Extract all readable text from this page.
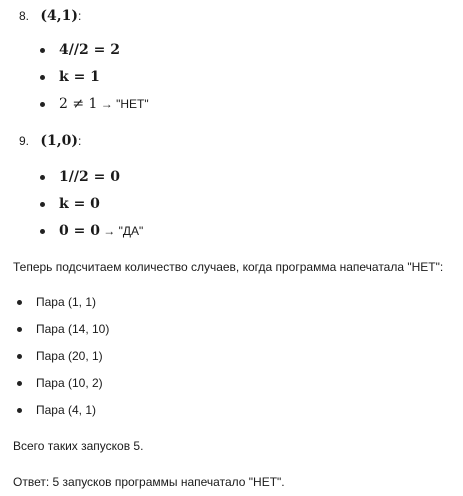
8. (4,1):
4//2 = 2
k = 1
2 ≠ 1 → "НЕТ"
9. (1,0):
1//2 = 0
k = 0
0 = 0 → "ДА"
Теперь подсчитаем количество случаев, когда программа напечатала "НЕТ":
Пара (1, 1)
Пара (14, 10)
Пара (20, 1)
Пара (10, 2)
Пара (4, 1)
Всего таких запусков 5.
Ответ: 5 запусков программы напечатало "НЕТ".
